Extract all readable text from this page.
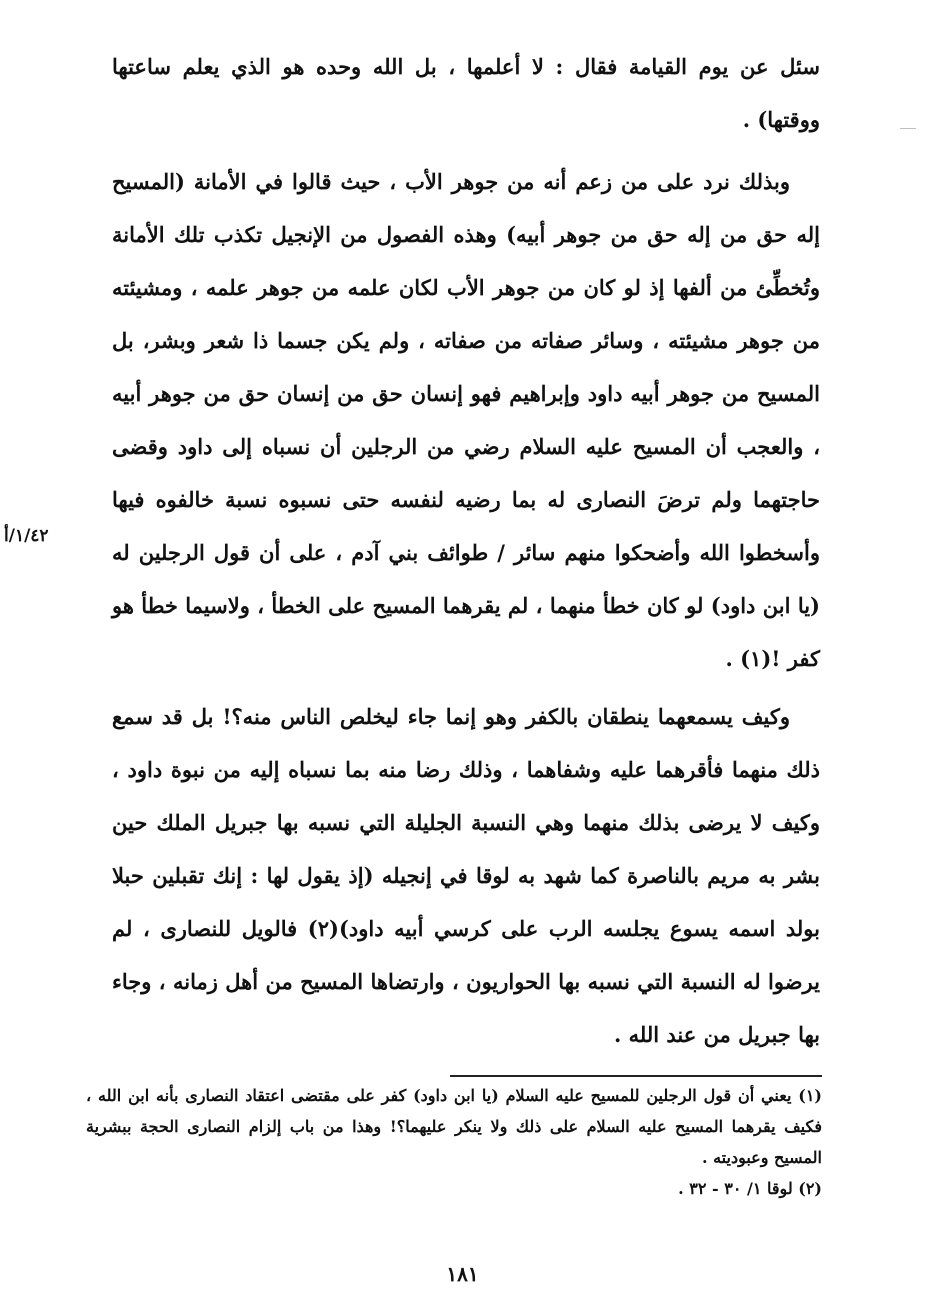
سئل عن يوم القيامة فقال : لا أعلمها ، بل الله وحده هو الذي يعلم ساعتها ووقتها) .

وبذلك نرد على من زعم أنه من جوهر الأب ، حيث قالوا في الأمانة (المسيح إله حق من إله حق من جوهر أبيه) وهذه الفصول من الإنجيل تكذب تلك الأمانة وتُخطِّئ من ألفها إذ لو كان من جوهر الأب لكان علمه من جوهر علمه ، ومشيئته من جوهر مشيئته ، وسائر صفاته من صفاته ، ولم يكن جسما ذا شعر وبشر، بل المسيح من جوهر أبيه داود وإبراهيم فهو إنسان حق من إنسان حق من جوهر أبيه ، والعجب أن المسيح عليه السلام رضي من الرجلين أن نسباه إلى داود وقضى حاجتهما ولم ترضَ النصارى له بما رضيه لنفسه حتى نسبوه نسبة خالفوه فيها وأسخطوا الله وأضحكوا منهم سائر / طوائف بني آدم ، على أن قول الرجلين له (يا ابن داود) لو كان خطأ منهما ، لم يقرهما المسيح على الخطأ ، ولاسيما خطأ هو كفر !(١) .

١/٤٢/أ

وكيف يسمعهما ينطقان بالكفر وهو إنما جاء ليخلص الناس منه؟! بل قد سمع ذلك منهما فأقرهما عليه وشفاهما ، وذلك رضا منه بما نسباه إليه من نبوة داود ، وكيف لا يرضى بذلك منهما وهي النسبة الجليلة التي نسبه بها جبريل الملك حين بشر به مريم بالناصرة كما شهد به لوقا في إنجيله (إذ يقول لها : إنك تقبلين حبلا بولد اسمه يسوع يجلسه الرب على كرسي أبيه داود)(٢) فالويل للنصارى ، لم يرضوا له النسبة التي نسبه بها الحواريون ، وارتضاها المسيح من أهل زمانه ، وجاء بها جبريل من عند الله .

(١) يعني أن قول الرجلين للمسيح عليه السلام (يا ابن داود) كفر على مقتضى اعتقاد النصارى بأنه ابن الله ، فكيف يقرهما المسيح عليه السلام على ذلك ولا ينكر عليهما؟! وهذا من باب إلزام النصارى الحجة ببشرية المسيح وعبوديته .

(٢) لوقا ١/ ٣٠ - ٣٢ .

١٨١
